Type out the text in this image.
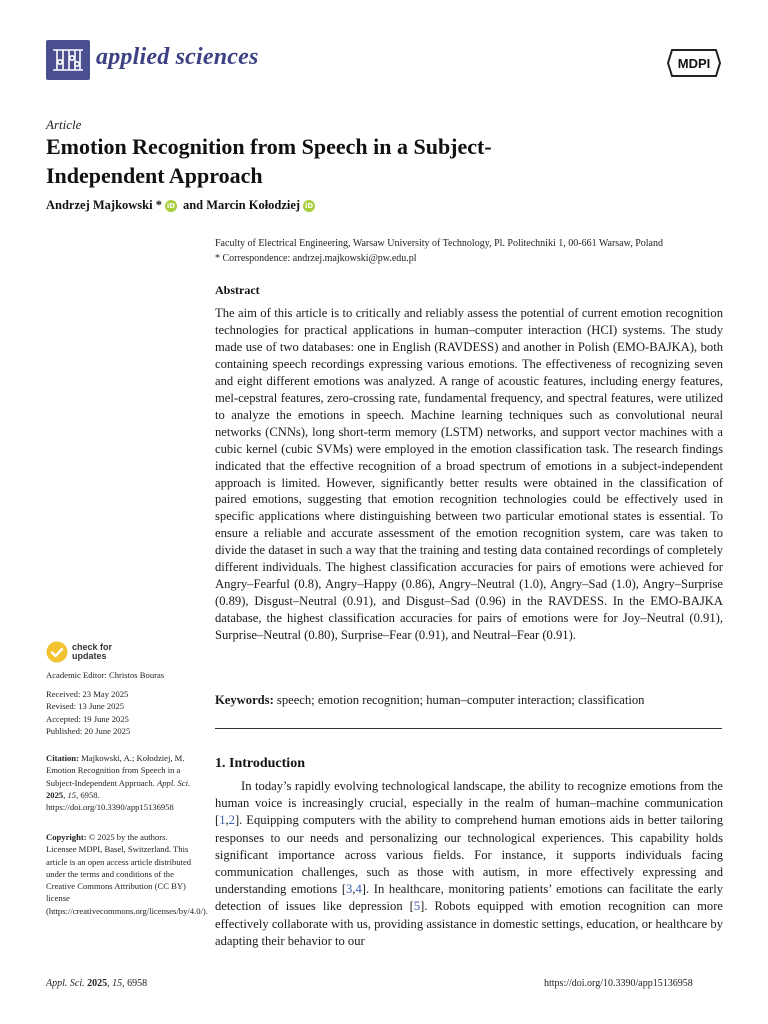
applied sciences	MDPI
Article
Emotion Recognition from Speech in a Subject-Independent Approach
Andrzej Majkowski * iD and Marcin Kołodziej iD
Faculty of Electrical Engineering, Warsaw University of Technology, Pl. Politechniki 1, 00-661 Warsaw, Poland
* Correspondence: andrzej.majkowski@pw.edu.pl
Abstract
The aim of this article is to critically and reliably assess the potential of current emotion recognition technologies for practical applications in human–computer interaction (HCI) systems. The study made use of two databases: one in English (RAVDESS) and another in Polish (EMO-BAJKA), both containing speech recordings expressing various emotions. The effectiveness of recognizing seven and eight different emotions was analyzed. A range of acoustic features, including energy features, mel-cepstral features, zero-crossing rate, fundamental frequency, and spectral features, were utilized to analyze the emotions in speech. Machine learning techniques such as convolutional neural networks (CNNs), long short-term memory (LSTM) networks, and support vector machines with a cubic kernel (cubic SVMs) were employed in the emotion classification task. The research findings indicated that the effective recognition of a broad spectrum of emotions in a subject-independent approach is limited. However, significantly better results were obtained in the classification of paired emotions, suggesting that emotion recognition technologies could be effectively used in specific applications where distinguishing between two particular emotional states is essential. To ensure a reliable and accurate assessment of the emotion recognition system, care was taken to divide the dataset in such a way that the training and testing data contained recordings of completely different individuals. The highest classification accuracies for pairs of emotions were achieved for Angry–Fearful (0.8), Angry–Happy (0.86), Angry–Neutral (1.0), Angry–Sad (1.0), Angry–Surprise (0.89), Disgust–Neutral (0.91), and Disgust–Sad (0.96) in the RAVDESS. In the EMO-BAJKA database, the highest classification accuracies for pairs of emotions were for Joy–Neutral (0.91), Surprise–Neutral (0.80), Surprise–Fear (0.91), and Neutral–Fear (0.91).
Keywords: speech; emotion recognition; human–computer interaction; classification
1. Introduction
In today’s rapidly evolving technological landscape, the ability to recognize emotions from the human voice is increasingly crucial, especially in the realm of human–machine communication [1,2]. Equipping computers with the ability to comprehend human emotions aids in better tailoring responses to our needs and personalizing our technological experiences. This capability holds significant importance across various fields. For instance, it supports individuals facing communication challenges, such as those with autism, in more effectively expressing and understanding emotions [3,4]. In healthcare, monitoring patients’ emotions can facilitate the early detection of issues like depression [5]. Robots equipped with emotion recognition can more effectively collaborate with us, providing assistance in domestic settings, education, or healthcare by adapting their behavior to our
check for
updates
Academic Editor: Christos Bouras
Received: 23 May 2025
Revised: 13 June 2025
Accepted: 19 June 2025
Published: 20 June 2025
Citation: Majkowski, A.; Kołodziej, M. Emotion Recognition from Speech in a Subject-Independent Approach. Appl. Sci. 2025, 15, 6958. https://doi.org/10.3390/app15136958
Copyright: © 2025 by the authors. Licensee MDPI, Basel, Switzerland. This article is an open access article distributed under the terms and conditions of the Creative Commons Attribution (CC BY) license (https://creativecommons.org/licenses/by/4.0/).
Appl. Sci. 2025, 15, 6958	https://doi.org/10.3390/app15136958
